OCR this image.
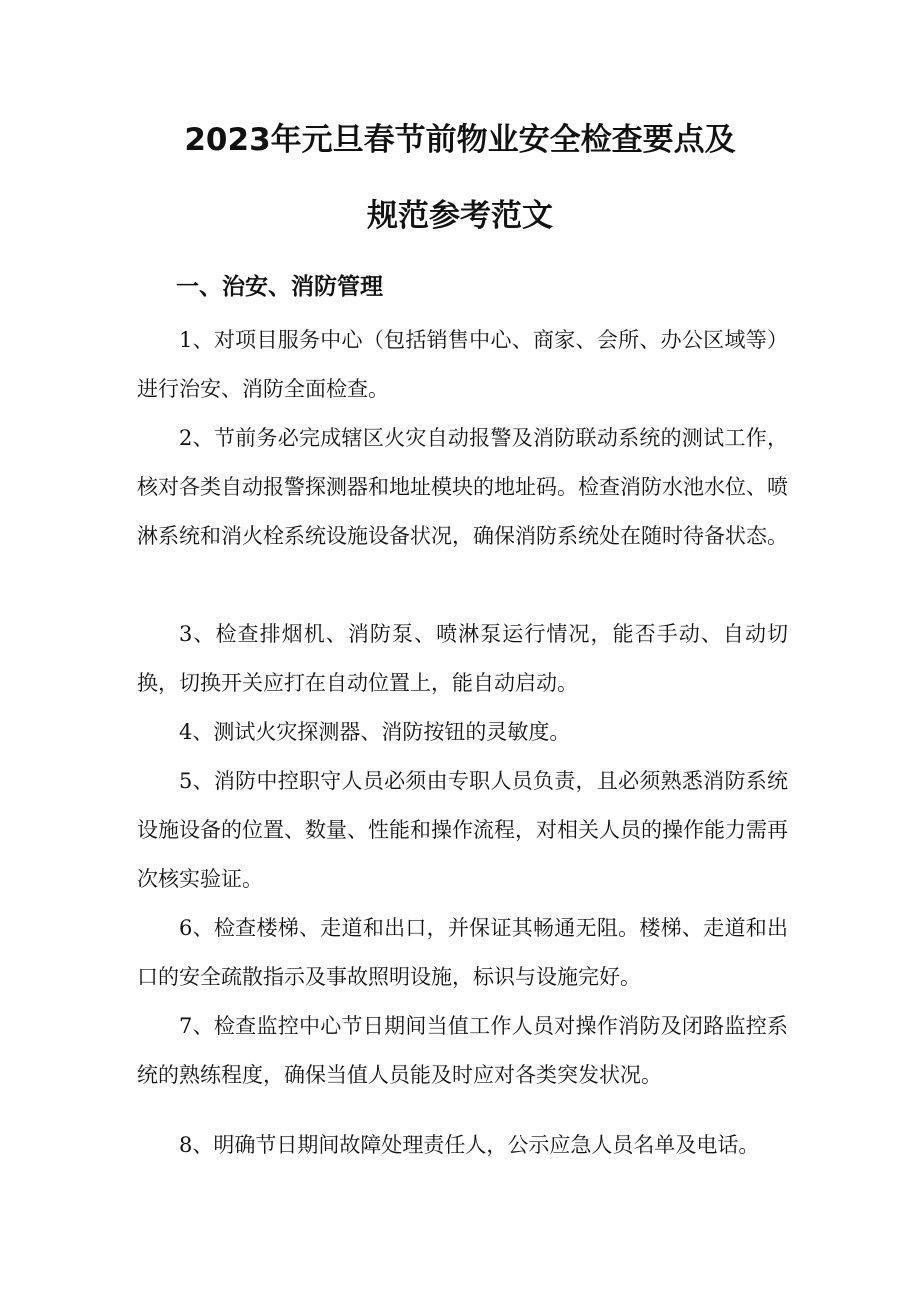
2023年元旦春节前物业安全检查要点及
规范参考范文
一、治安、消防管理

1、对项目服务中心（包括销售中心、商家、会所、办公区域等）进行治安、消防全面检查。

2、节前务必完成辖区火灾自动报警及消防联动系统的测试工作，核对各类自动报警探测器和地址模块的地址码。检查消防水池水位、喷淋系统和消火栓系统设施设备状况，确保消防系统处在随时待备状态。

3、检查排烟机、消防泵、喷淋泵运行情况，能否手动、自动切换，切换开关应打在自动位置上，能自动启动。

4、测试火灾探测器、消防按钮的灵敏度。

5、消防中控职守人员必须由专职人员负责，且必须熟悉消防系统设施设备的位置、数量、性能和操作流程，对相关人员的操作能力需再次核实验证。

6、检查楼梯、走道和出口，并保证其畅通无阻。楼梯、走道和出口的安全疏散指示及事故照明设施，标识与设施完好。

7、检查监控中心节日期间当值工作人员对操作消防及闭路监控系统的熟练程度，确保当值人员能及时应对各类突发状况。

8、明确节日期间故障处理责任人，公示应急人员名单及电话。
